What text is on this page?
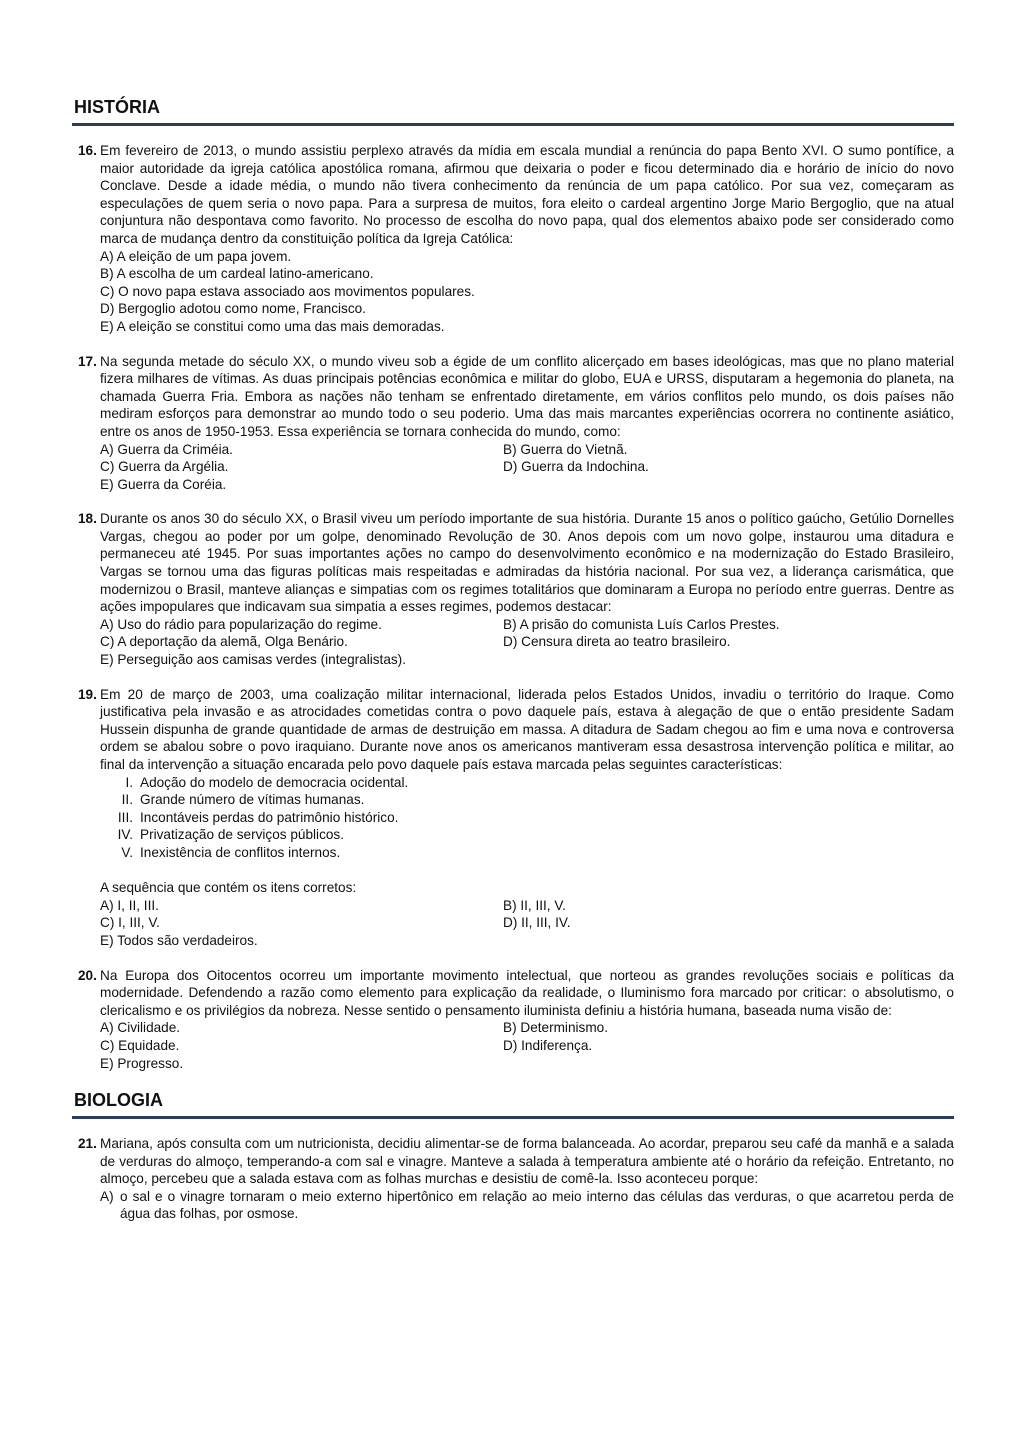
HISTÓRIA
16. Em fevereiro de 2013, o mundo assistiu perplexo através da mídia em escala mundial a renúncia do papa Bento XVI. O sumo pontífice, a maior autoridade da igreja católica apostólica romana, afirmou que deixaria o poder e ficou determinado dia e horário de início do novo Conclave. Desde a idade média, o mundo não tivera conhecimento da renúncia de um papa católico. Por sua vez, começaram as especulações de quem seria o novo papa. Para a surpresa de muitos, fora eleito o cardeal argentino Jorge Mario Bergoglio, que na atual conjuntura não despontava como favorito. No processo de escolha do novo papa, qual dos elementos abaixo pode ser considerado como marca de mudança dentro da constituição política da Igreja Católica:

A) A eleição de um papa jovem.
B) A escolha de um cardeal latino-americano.
C) O novo papa estava associado aos movimentos populares.
D) Bergoglio adotou como nome, Francisco.
E) A eleição se constitui como uma das mais demoradas.
17. Na segunda metade do século XX, o mundo viveu sob a égide de um conflito alicerçado em bases ideológicas, mas que no plano material fizera milhares de vítimas. As duas principais potências econômica e militar do globo, EUA e URSS, disputaram a hegemonia do planeta, na chamada Guerra Fria. Embora as nações não tenham se enfrentado diretamente, em vários conflitos pelo mundo, os dois países não mediram esforços para demonstrar ao mundo todo o seu poderio. Uma das mais marcantes experiências ocorrera no continente asiático, entre os anos de 1950-1953. Essa experiência se tornara conhecida do mundo, como:

A) Guerra da Criméia.	B) Guerra do Vietnã.
C) Guerra da Argélia.	D) Guerra da Indochina.
E) Guerra da Coréia.
18. Durante os anos 30 do século XX, o Brasil viveu um período importante de sua história. Durante 15 anos o político gaúcho, Getúlio Dornelles Vargas, chegou ao poder por um golpe, denominado Revolução de 30. Anos depois com um novo golpe, instaurou uma ditadura e permaneceu até 1945. Por suas importantes ações no campo do desenvolvimento econômico e na modernização do Estado Brasileiro, Vargas se tornou uma das figuras políticas mais respeitadas e admiradas da história nacional. Por sua vez, a liderança carismática, que modernizou o Brasil, manteve alianças e simpatias com os regimes totalitários que dominaram a Europa no período entre guerras. Dentre as ações impopulares que indicavam sua simpatia a esses regimes, podemos destacar:

A) Uso do rádio para popularização do regime.	B) A prisão do comunista Luís Carlos Prestes.
C) A deportação da alemã, Olga Benário.	D) Censura direta ao teatro brasileiro.
E) Perseguição aos camisas verdes (integralistas).
19. Em 20 de março de 2003, uma coalização militar internacional, liderada pelos Estados Unidos, invadiu o território do Iraque. Como justificativa pela invasão e as atrocidades cometidas contra o povo daquele país, estava à alegação de que o então presidente Sadam Hussein dispunha de grande quantidade de armas de destruição em massa. A ditadura de Sadam chegou ao fim e uma nova e controversa ordem se abalou sobre o povo iraquiano. Durante nove anos os americanos mantiveram essa desastrosa intervenção política e militar, ao final da intervenção a situação encarada pelo povo daquele país estava marcada pelas seguintes características:

I. Adoção do modelo de democracia ocidental.
II. Grande número de vítimas humanas.
III. Incontáveis perdas do patrimônio histórico.
IV. Privatização de serviços públicos.
V. Inexistência de conflitos internos.
A sequência que contém os itens corretos:
A) I, II, III.	B) II, III, V.
C) I, III, V.	D) II, III, IV.
E) Todos são verdadeiros.
20. Na Europa dos Oitocentos ocorreu um importante movimento intelectual, que norteou as grandes revoluções sociais e políticas da modernidade. Defendendo a razão como elemento para explicação da realidade, o Iluminismo fora marcado por criticar: o absolutismo, o clericalismo e os privilégios da nobreza. Nesse sentido o pensamento iluminista definiu a história humana, baseada numa visão de:

A) Civilidade.	B) Determinismo.
C) Equidade.	D) Indiferença.
E) Progresso.
BIOLOGIA
21. Mariana, após consulta com um nutricionista, decidiu alimentar-se de forma balanceada. Ao acordar, preparou seu café da manhã e a salada de verduras do almoço, temperando-a com sal e vinagre. Manteve a salada à temperatura ambiente até o horário da refeição. Entretanto, no almoço, percebeu que a salada estava com as folhas murchas e desistiu de comê-la. Isso aconteceu porque:

A) o sal e o vinagre tornaram o meio externo hipertônico em relação ao meio interno das células das verduras, o que acarretou perda de água das folhas, por osmose.
